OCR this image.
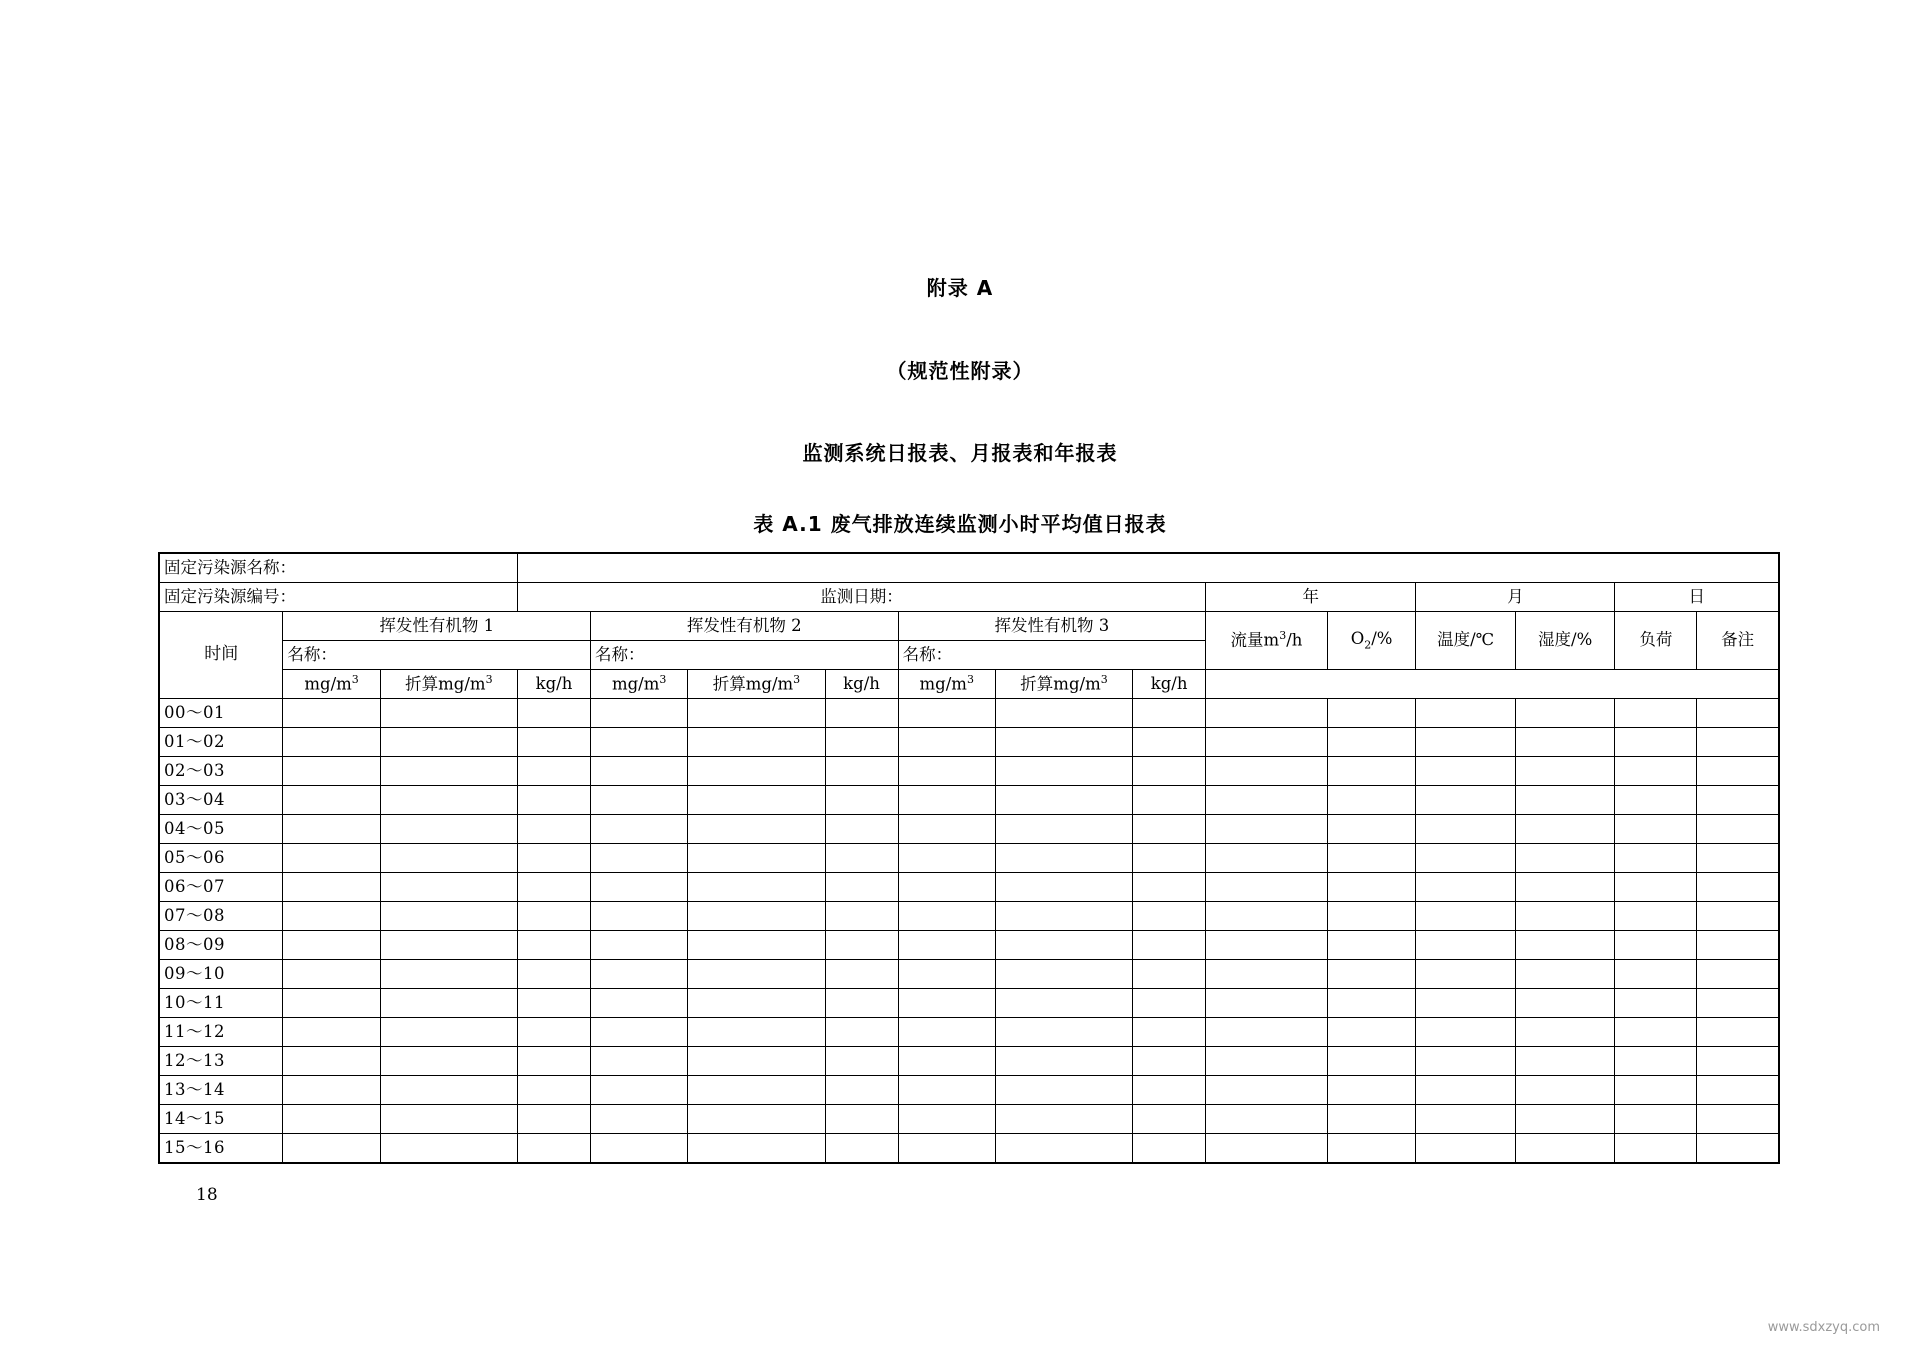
附录 A
（规范性附录）
监测系统日报表、月报表和年报表
表 A.1 废气排放连续监测小时平均值日报表
固定污染源名称：															
固定污染源编号：			监测日期：							年		月		日	
时间	挥发性有机物 1			挥发性有机物 2			挥发性有机物 3			流量$m^3/h$	$O_2/\%$	温度/℃	湿度/%	负荷	备注
	名称：			名称：			名称：								
	$mg/m^3$	折算$mg/m^3$	kg/h	$mg/m^3$	折算$mg/m^3$	kg/h	$mg/m^3$	折算$mg/m^3$	kg/h						
00～01															
01～02															
02～03															
03～04															
04～05															
05～06															
06～07															
07～08															
08～09															
09～10															
10～11															
11～12															
12～13															
13～14															
14～15															
15～16															
18
www.sdxzyq.com
